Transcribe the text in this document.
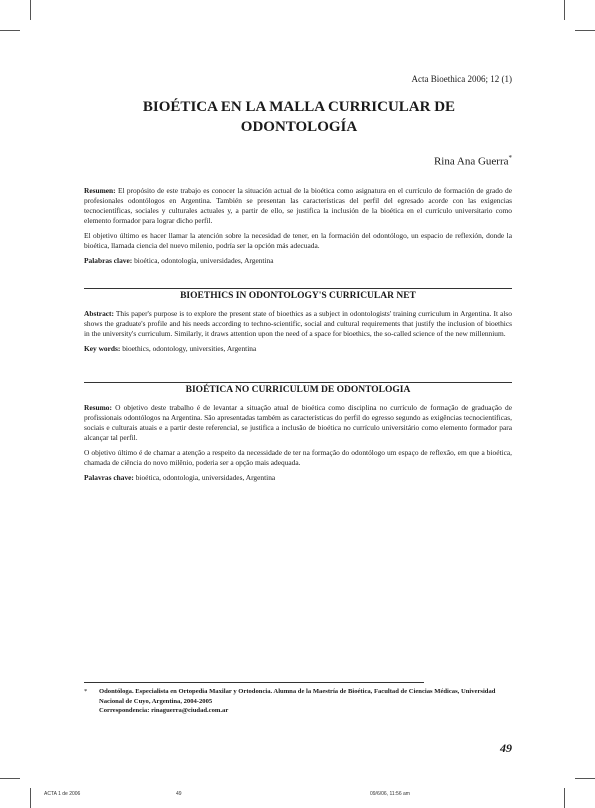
Acta Bioethica 2006; 12 (1)
BIOÉTICA EN LA MALLA CURRICULAR DE
ODONTOLOGÍA
Rina Ana Guerra*

Resumen: El propósito de este trabajo es conocer la situación actual de la bioética como asignatura en el currículo de formación de grado de profesionales odontólogos en Argentina. También se presentan las características del perfil del egresado acorde con las exigencias tecnocientíficas, sociales y culturales actuales y, a partir de ello, se justifica la inclusión de la bioética en el currículo universitario como elemento formador para lograr dicho perfil.

El objetivo último es hacer llamar la atención sobre la necesidad de tener, en la formación del odontólogo, un espacio de reflexión, donde la bioética, llamada ciencia del nuevo milenio, podría ser la opción más adecuada.

Palabras clave: bioética, odontología, universidades, Argentina

BIOETHICS IN ODONTOLOGY'S CURRICULAR NET

Abstract: This paper's purpose is to explore the present state of bioethics as a subject in odontologists' training curriculum in Argentina. It also shows the graduate's profile and his needs according to techno-scientific, social and cultural requirements that justify the inclusion of bioethics in the university's curriculum. Similarly, it draws attention upon the need of a space for bioethics, the so-called science of the new millennium.

Key words: bioethics, odontology, universities, Argentina

BIOÉTICA NO CURRICULUM DE ODONTOLOGIA

Resumo: O objetivo deste trabalho é de levantar a situação atual de bioética como disciplina no currículo de formação de graduação de profissionais odontólogos na Argentina. São apresentadas também as características do perfil do egresso segundo as exigências tecnocientíficas, sociais e culturais atuais e a partir deste referencial, se justifica a inclusão de bioética no currículo universitário como elemento formador para alcançar tal perfil.

O objetivo último é de chamar a atenção a respeito da necessidade de ter na formação do odontólogo um espaço de reflexão, em que a bioética, chamada de ciência do novo milênio, poderia ser a opção mais adequada.

Palavras chave: bioética, odontologia, universidades, Argentina

* Odontóloga. Especialista en Ortopedia Maxilar y Ortodoncia. Alumna de la Maestría de Bioética, Facultad de Ciencias Médicas, Universidad Nacional de Cuyo, Argentina, 2004-2005
Correspondencia: rinaguerra@ciudad.com.ar
49
ACTA 1 de 2006	49	09/6/06, 11:56 am
